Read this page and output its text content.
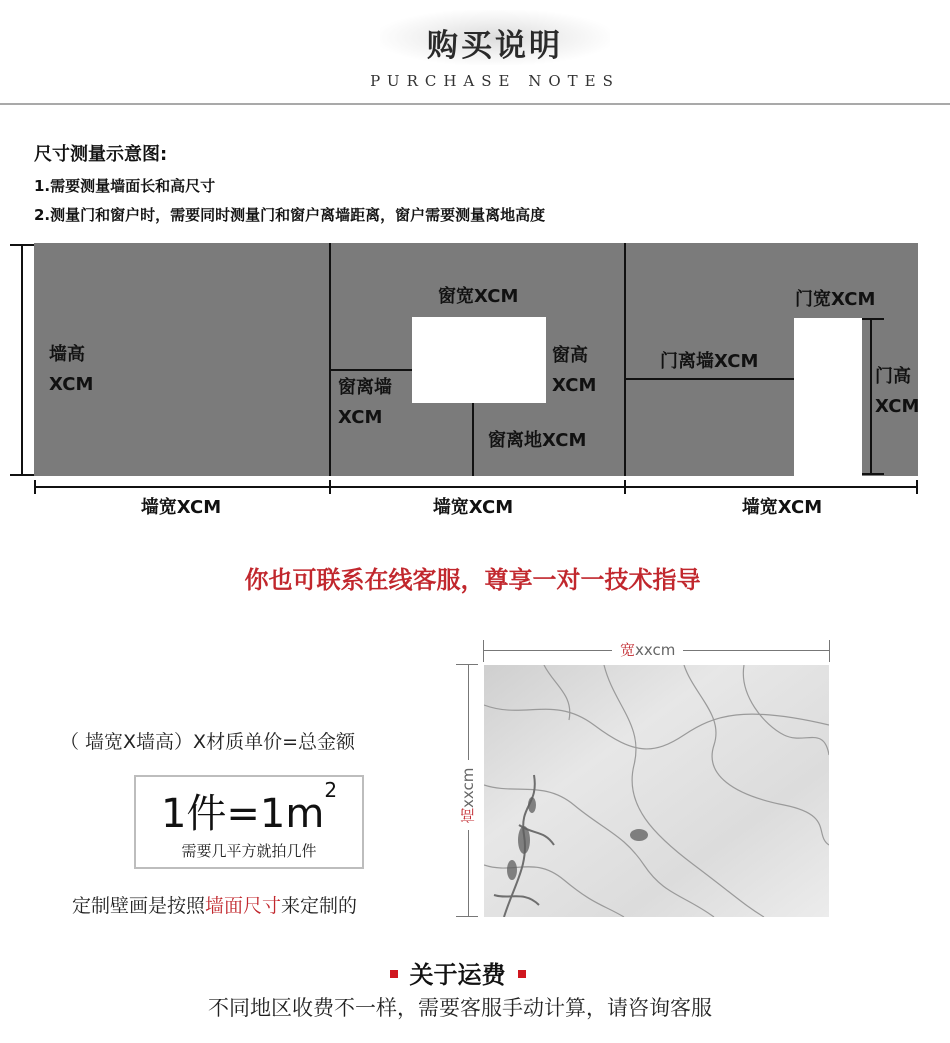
购买说明
PURCHASE NOTES
尺寸测量示意图:
1.需要测量墙面长和高尺寸
2.测量门和窗户时，需要同时测量门和窗户离墙距离，窗户需要测量离地高度
墙高
XCM
窗宽XCM
窗高
XCM
窗离墙
XCM
窗离地XCM
门宽XCM
门离墙XCM
门高
XCM
墙宽XCM	墙宽XCM	墙宽XCM
你也可联系在线客服，尊享一对一技术指导
（ 墙宽X墙高）X材质单价=总金额
1件$=1m^2$
需要几平方就拍几件
定制壁画是按照墙面尺寸来定制的
宽xxcm
高xxcm
关于运费
不同地区收费不一样，需要客服手动计算，请咨询客服
